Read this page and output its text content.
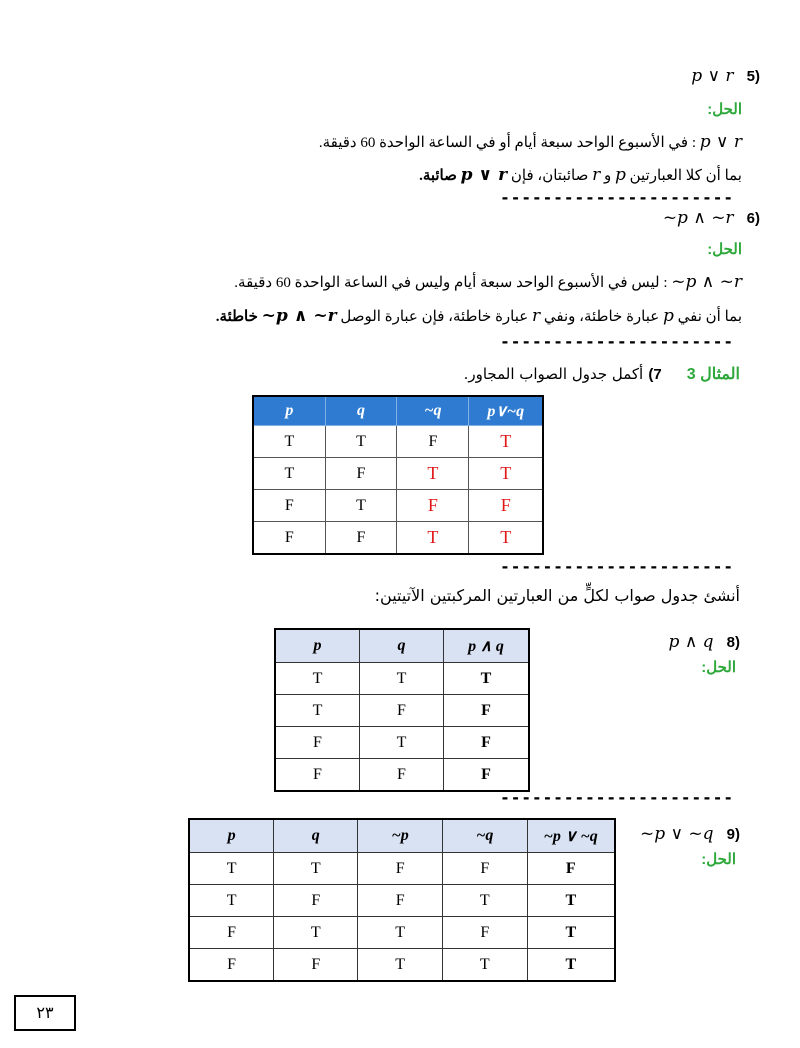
(5 p ∨ r
الحل:
p ∨ r : في الأسبوع الواحد سبعة أيام أو في الساعة الواحدة 60 دقيقة.
بما أن كلا العبارتين p و r صائبتان، فإن p ∨ r صائبة.
----------------------
(6 ~p ∧ ~r
الحل:
~p ∧ ~r : ليس في الأسبوع الواحد سبعة أيام وليس في الساعة الواحدة 60 دقيقة.
بما أن نفي p عبارة خاطئة، ونفي r عبارة خاطئة، فإن عبارة الوصل ~p ∧ ~r خاطئة.
----------------------
المثال 3 7) أكمل جدول الصواب المجاور.
p	q	~q	p∨~q
T	T	F	T
T	F	T	T
F	T	F	F
F	F	T	T
----------------------
أنشئ جدول صواب لكلٍّ من العبارتين المركبتين الآتيتين:
(8 p ∧ q
الحل:
p	q	p ∧ q
T	T	T
T	F	F
F	T	F
F	F	F
----------------------
(9 ~p ∨ ~q
الحل:
p	q	~p	~q	~p ∨ ~q
T	T	F	F	F
T	F	F	T	T
F	T	T	F	T
F	F	T	T	T
٢٣
